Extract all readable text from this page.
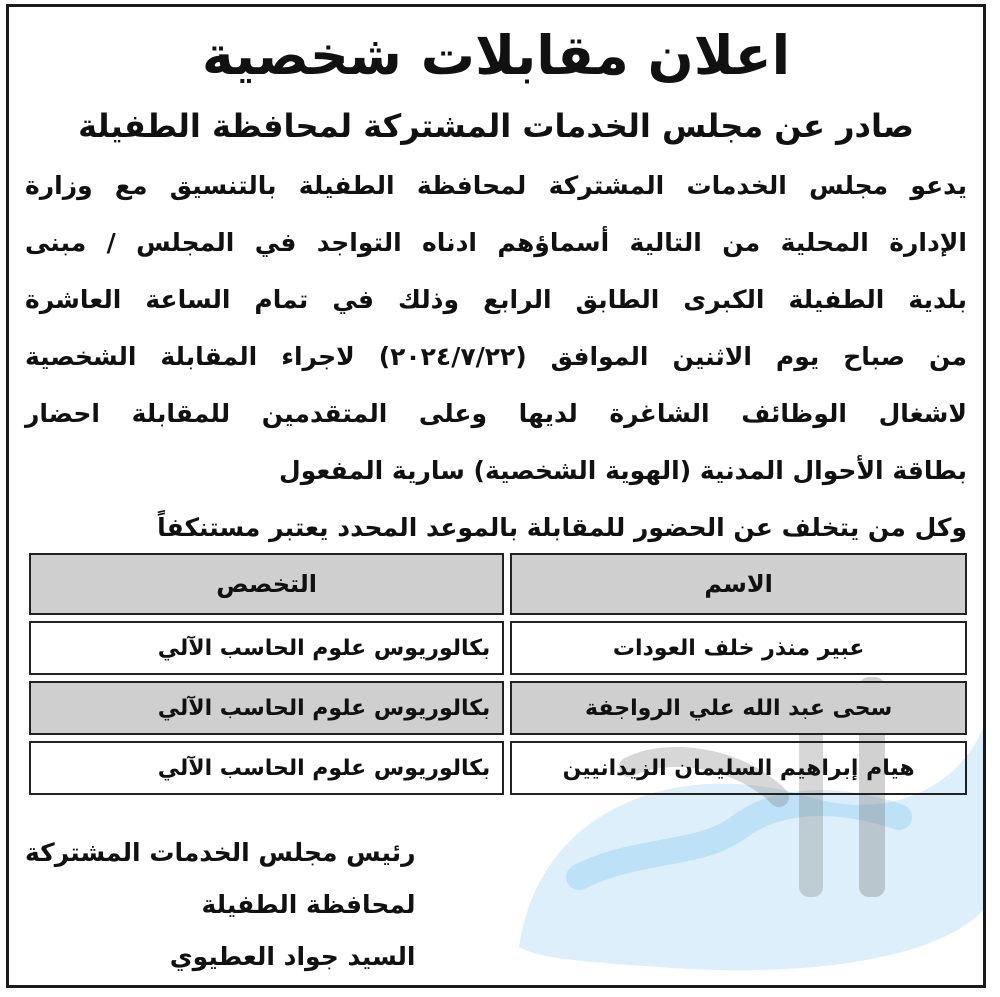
اعلان مقابلات شخصية
صادر عن مجلس الخدمات المشتركة لمحافظة الطفيلة
يدعو مجلس الخدمات المشتركة لمحافظة الطفيلة بالتنسيق مع وزارة
الإدارة المحلية من التالية أسماؤهم ادناه التواجد في المجلس / مبنى
بلدية الطفيلة الكبرى الطابق الرابع وذلك في تمام الساعة العاشرة
من صباح يوم الاثنين الموافق (٢٠٢٤/٧/٢٢) لاجراء المقابلة الشخصية
لاشغال الوظائف الشاغرة لديها وعلى المتقدمين للمقابلة احضار
بطاقة الأحوال المدنية (الهوية الشخصية) سارية المفعول
وكل من يتخلف عن الحضور للمقابلة بالموعد المحدد يعتبر مستنكفاً
الاسم	التخصص
عبير منذر خلف العودات	بكالوريوس علوم الحاسب الآلي
سحى عبد الله علي الرواجفة	بكالوريوس علوم الحاسب الآلي
هيام إبراهيم السليمان الزيدانيين	بكالوريوس علوم الحاسب الآلي
رئيس مجلس الخدمات المشتركة
لمحافظة الطفيلة
السيد جواد العطيوي
